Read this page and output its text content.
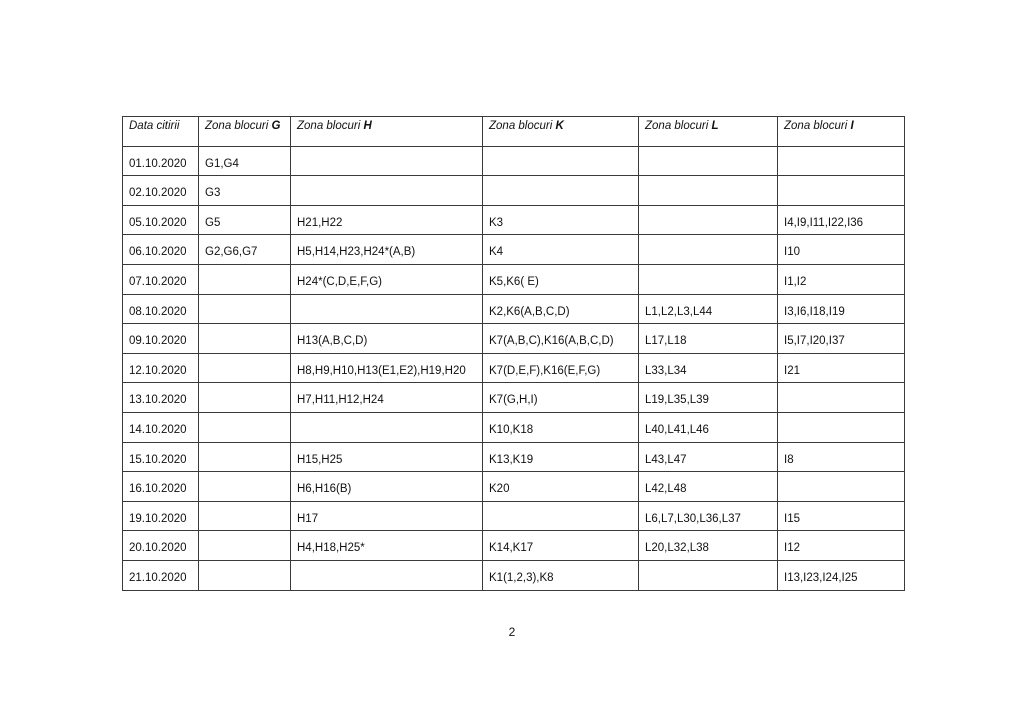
Data citirii	Zona blocuri G	Zona blocuri H	Zona blocuri K	Zona blocuri L	Zona blocuri I
01.10.2020	G1,G4				
02.10.2020	G3				
05.10.2020	G5	H21,H22	K3		I4,I9,I11,I22,I36
06.10.2020	G2,G6,G7	H5,H14,H23,H24*(A,B)	K4		I10
07.10.2020		H24*(C,D,E,F,G)	K5,K6( E)		I1,I2
08.10.2020			K2,K6(A,B,C,D)	L1,L2,L3,L44	I3,I6,I18,I19
09.10.2020		H13(A,B,C,D)	K7(A,B,C),K16(A,B,C,D)	L17,L18	I5,I7,I20,I37
12.10.2020		H8,H9,H10,H13(E1,E2),H19,H20	K7(D,E,F),K16(E,F,G)	L33,L34	I21
13.10.2020		H7,H11,H12,H24	K7(G,H,I)	L19,L35,L39	
14.10.2020			K10,K18	L40,L41,L46	
15.10.2020		H15,H25	K13,K19	L43,L47	I8
16.10.2020		H6,H16(B)	K20	L42,L48	
19.10.2020		H17		L6,L7,L30,L36,L37	I15
20.10.2020		H4,H18,H25*	K14,K17	L20,L32,L38	I12
21.10.2020			K1(1,2,3),K8		I13,I23,I24,I25
2
